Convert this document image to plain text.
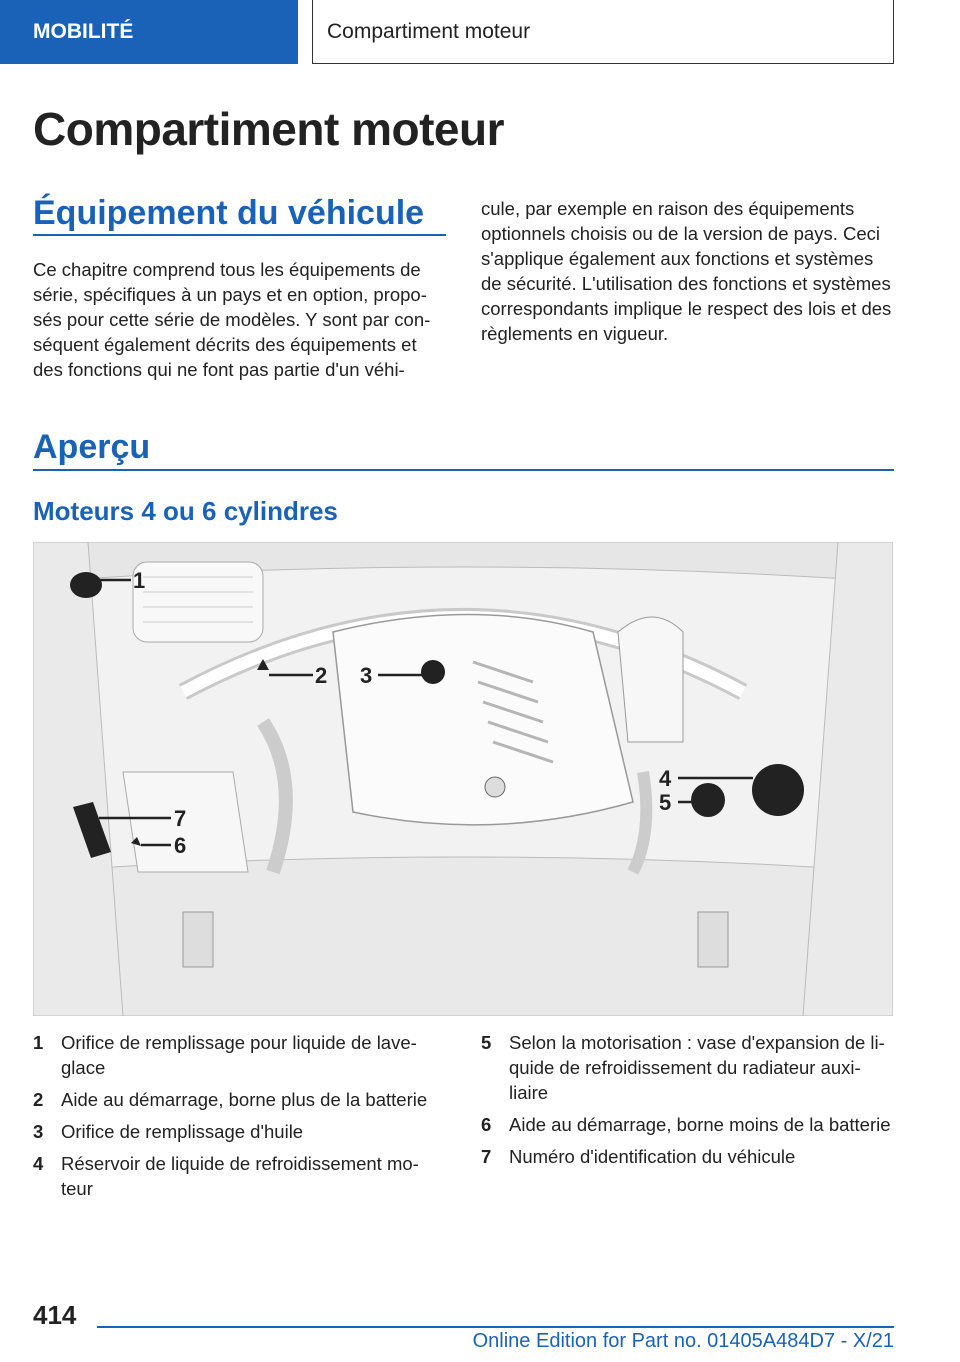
MOBILITÉ	Compartiment moteur
Compartiment moteur
Équipement du véhicule

Ce chapitre comprend tous les équipements de série, spécifiques à un pays et en option, proposés pour cette série de modèles. Y sont par conséquent également décrits des équipements et des fonctions qui ne font pas partie d'un véhi-

cule, par exemple en raison des équipements optionnels choisis ou de la version de pays. Ceci s'applique également aux fonctions et systèmes de sécurité. L'utilisation des fonctions et systèmes correspondants implique le respect des lois et des règlements en vigueur.

Aperçu
Moteurs 4 ou 6 cylindres
1
2 3
4
5
6
7
1 Orifice de remplissage pour liquide de laveglace
2 Aide au démarrage, borne plus de la batterie
3 Orifice de remplissage d'huile
4 Réservoir de liquide de refroidissement moteur
5 Selon la motorisation : vase d'expansion de liquide de refroidissement du radiateur auxiliaire
6 Aide au démarrage, borne moins de la batterie
7 Numéro d'identification du véhicule
414
Online Edition for Part no. 01405A484D7 - X/21
